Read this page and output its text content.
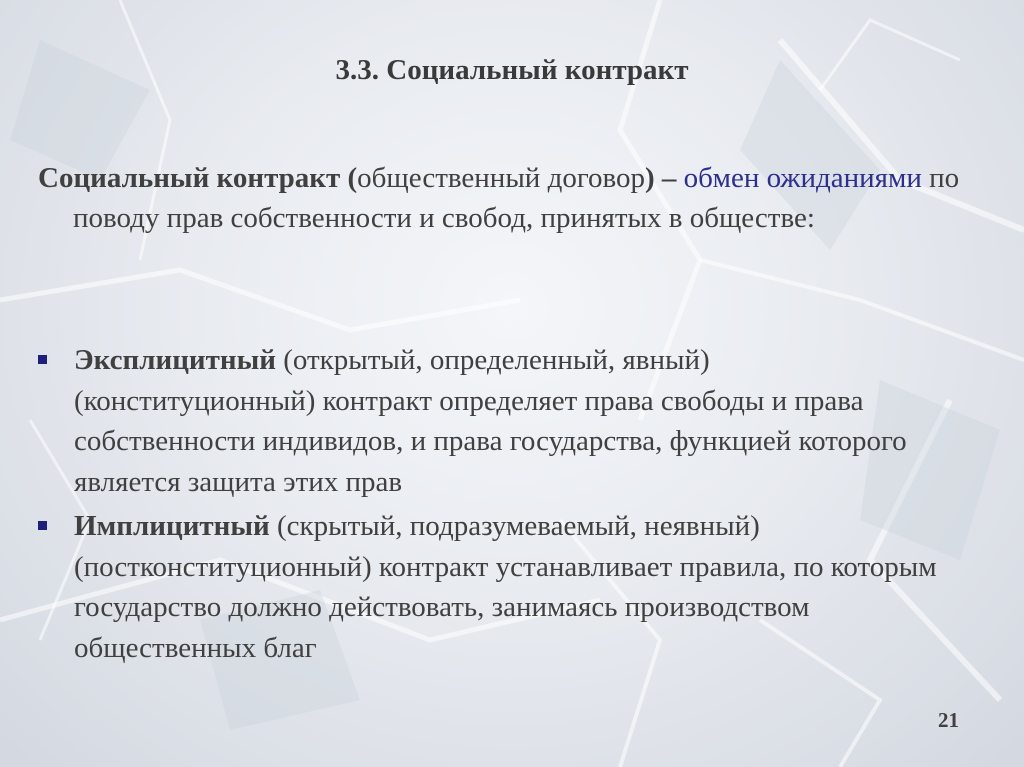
3.3. Социальный контракт
Социальный контракт (общественный договор) – обмен ожиданиями по поводу прав собственности и свобод, принятых в обществе:
Эксплицитный (открытый, определенный, явный) (конституционный) контракт определяет права свободы и права собственности индивидов, и права государства, функцией которого является защита этих прав
Имплицитный (скрытый, подразумеваемый, неявный) (постконституционный) контракт устанавливает правила, по которым государство должно действовать, занимаясь производством общественных благ
21
